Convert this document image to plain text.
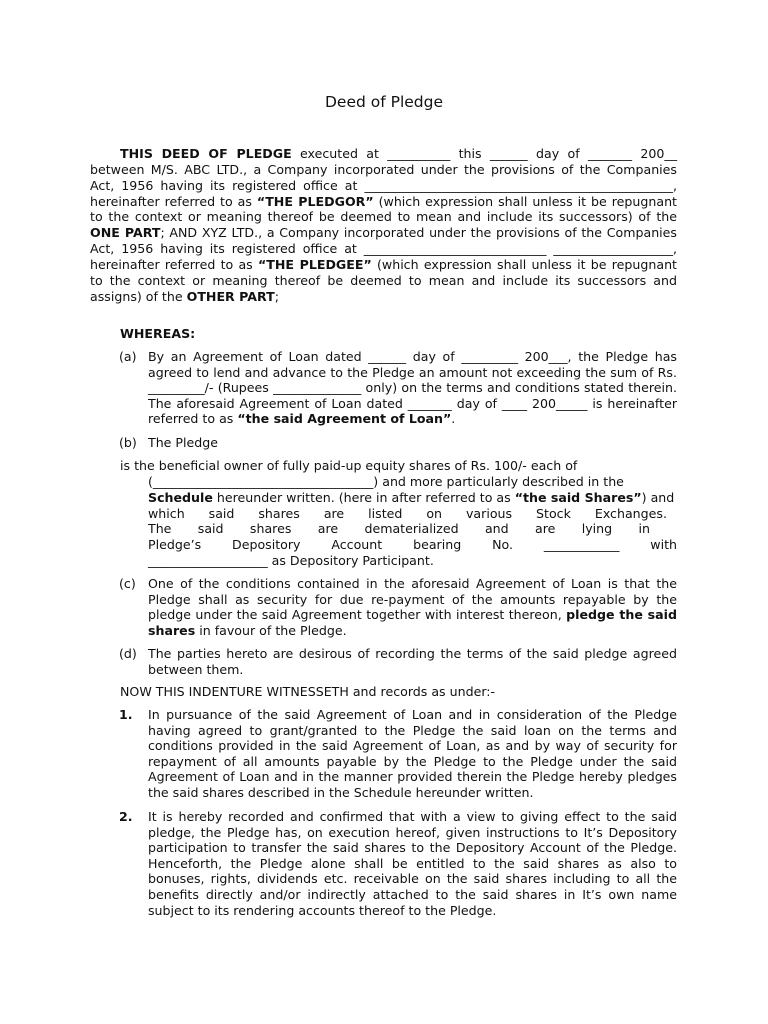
Deed of Pledge

THIS DEED OF PLEDGE executed at __________ this ______ day of _______ 200__ between M/S. ABC LTD., a Company incorporated under the provisions of the Companies Act, 1956 having its registered office at _________________________________________________, hereinafter referred to as “THE PLEDGOR” (which expression shall unless it be repugnant to the context or meaning thereof be deemed to mean and include its successors) of the ONE PART; AND XYZ LTD., a Company incorporated under the provisions of the Companies Act, 1956 having its registered office at _____________________________ ___________________, hereinafter referred to as “THE PLEDGEE” (which expression shall unless it be repugnant to the context or meaning thereof be deemed to mean and include its successors and assigns) of the OTHER PART;

WHEREAS:
(a) By an Agreement of Loan dated ______ day of _________ 200___, the Pledge has agreed to lend and advance to the Pledge an amount not exceeding the sum of Rs. _________/- (Rupees ______________ only) on the terms and conditions stated therein. The aforesaid Agreement of Loan dated _______ day of ____ 200_____ is hereinafter referred to as “the said Agreement of Loan”.

(b) The Pledge
is the beneficial owner of fully paid-up equity shares of Rs. 100/- each of
(___________________________________) and more particularly described in the
Schedule hereunder written. (here in after referred to as “the said Shares”) and
which said shares are listed on various Stock Exchanges.
The said shares are dematerialized and are lying in
Pledge’s Depository Account bearing No. ____________ with
___________________ as Depository Participant.
(c) One of the conditions contained in the aforesaid Agreement of Loan is that the Pledge shall as security for due re-payment of the amounts repayable by the pledge under the said Agreement together with interest thereon, pledge the said shares in favour of the Pledge.

(d) The parties hereto are desirous of recording the terms of the said pledge agreed between them.

NOW THIS INDENTURE WITNESSETH and records as under:-
1. In pursuance of the said Agreement of Loan and in consideration of the Pledge having agreed to grant/granted to the Pledge the said loan on the terms and conditions provided in the said Agreement of Loan, as and by way of security for repayment of all amounts payable by the Pledge to the Pledge under the said Agreement of Loan and in the manner provided therein the Pledge hereby pledges the said shares described in the Schedule hereunder written.

2. It is hereby recorded and confirmed that with a view to giving effect to the said pledge, the Pledge has, on execution hereof, given instructions to It’s Depository participation to transfer the said shares to the Depository Account of the Pledge. Henceforth, the Pledge alone shall be entitled to the said shares as also to bonuses, rights, dividends etc. receivable on the said shares including to all the benefits directly and/or indirectly attached to the said shares in It’s own name subject to its rendering accounts thereof to the Pledge.
